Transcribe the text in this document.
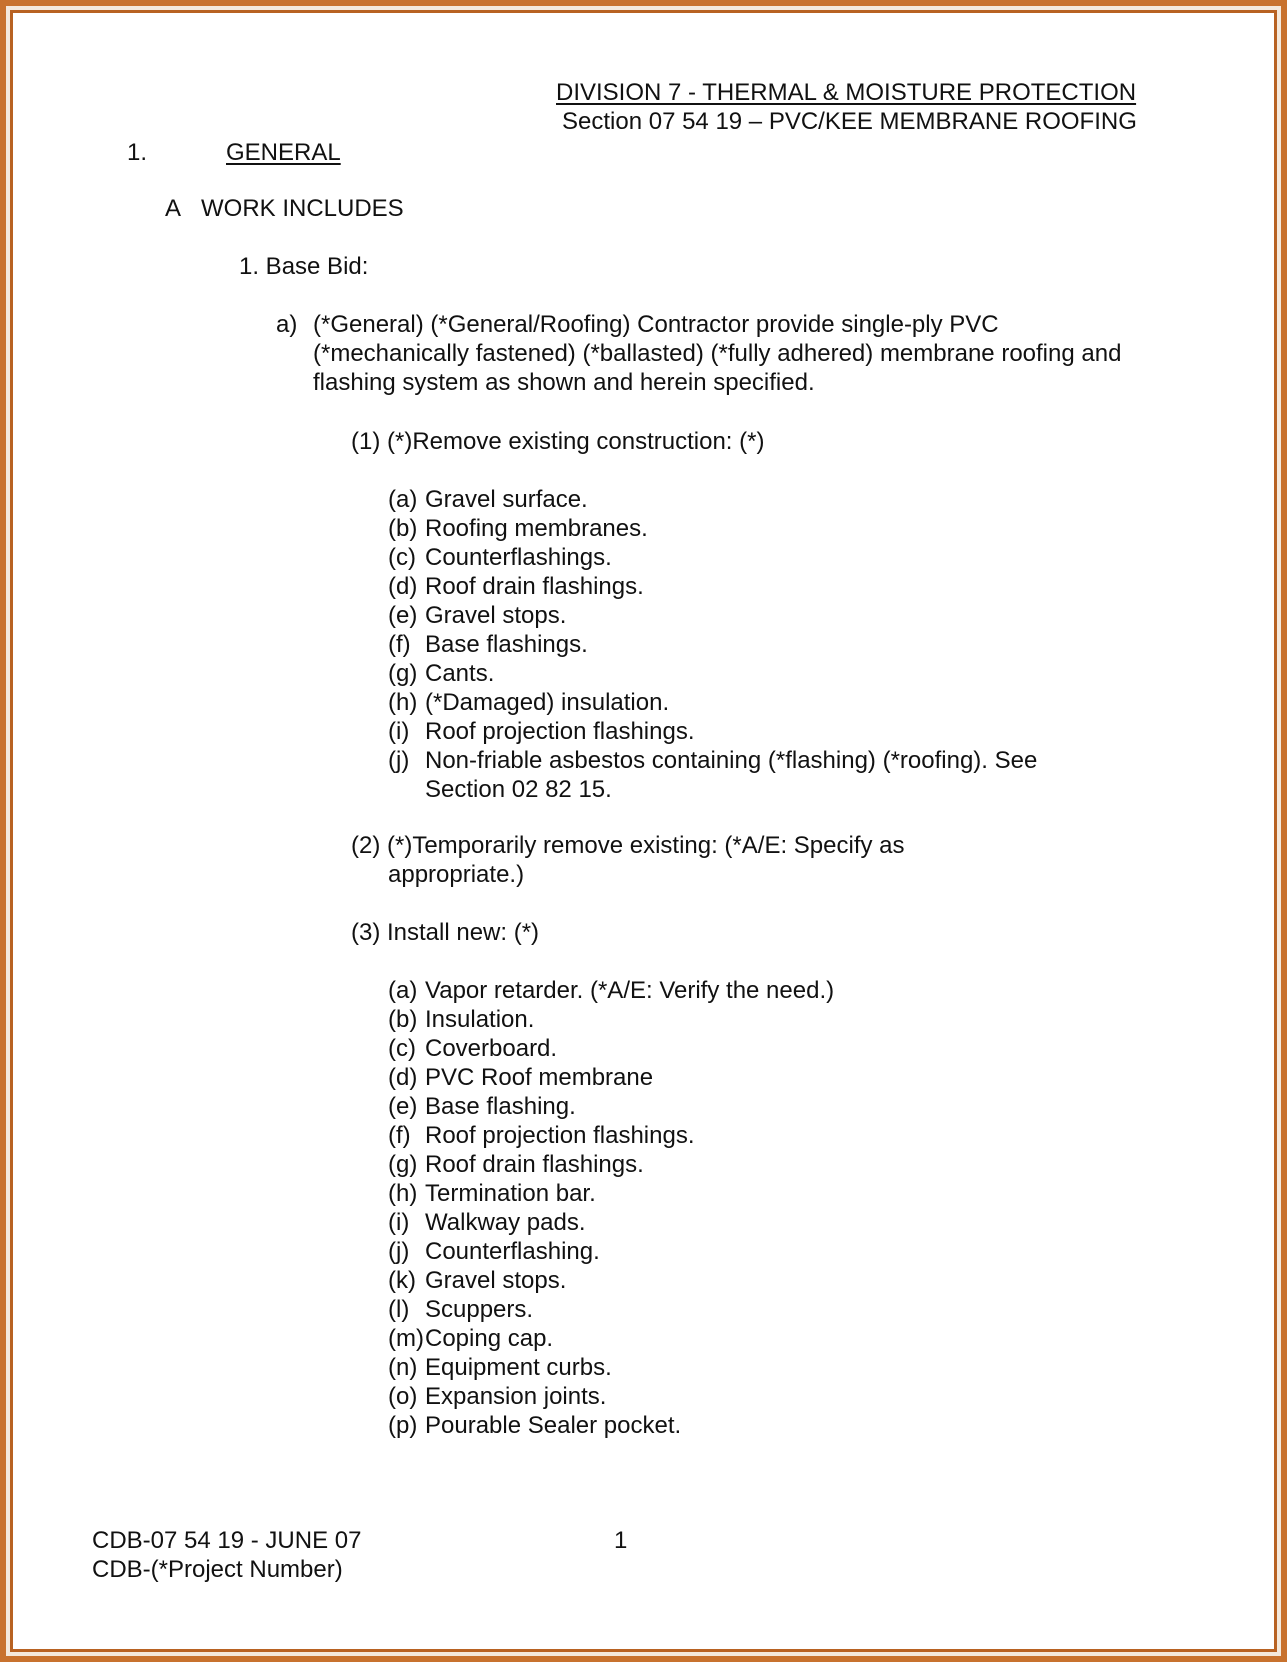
DIVISION 7 - THERMAL & MOISTURE PROTECTION
Section 07 54 19 – PVC/KEE MEMBRANE ROOFING
1.	GENERAL
A WORK INCLUDES
1. Base Bid:
a) (*General) (*General/Roofing) Contractor provide single-ply PVC
(*mechanically fastened) (*ballasted) (*fully adhered) membrane roofing and
flashing system as shown and herein specified.
(1) (*)Remove existing construction: (*)
(a) Gravel surface.
(b) Roofing membranes.
(c) Counterflashings.
(d) Roof drain flashings.
(e) Gravel stops.
(f) Base flashings.
(g) Cants.
(h) (*Damaged) insulation.
(i) Roof projection flashings.
(j) Non-friable asbestos containing (*flashing) (*roofing). See
Section 02 82 15.
(2) (*)Temporarily remove existing: (*A/E: Specify as
appropriate.)
(3) Install new: (*)
(a) Vapor retarder. (*A/E: Verify the need.)
(b) Insulation.
(c) Coverboard.
(d) PVC Roof membrane
(e) Base flashing.
(f) Roof projection flashings.
(g) Roof drain flashings.
(h) Termination bar.
(i) Walkway pads.
(j) Counterflashing.
(k) Gravel stops.
(l) Scuppers.
(m) Coping cap.
(n) Equipment curbs.
(o) Expansion joints.
(p) Pourable Sealer pocket.
CDB-07 54 19 - JUNE 07
CDB-(*Project Number)
1
